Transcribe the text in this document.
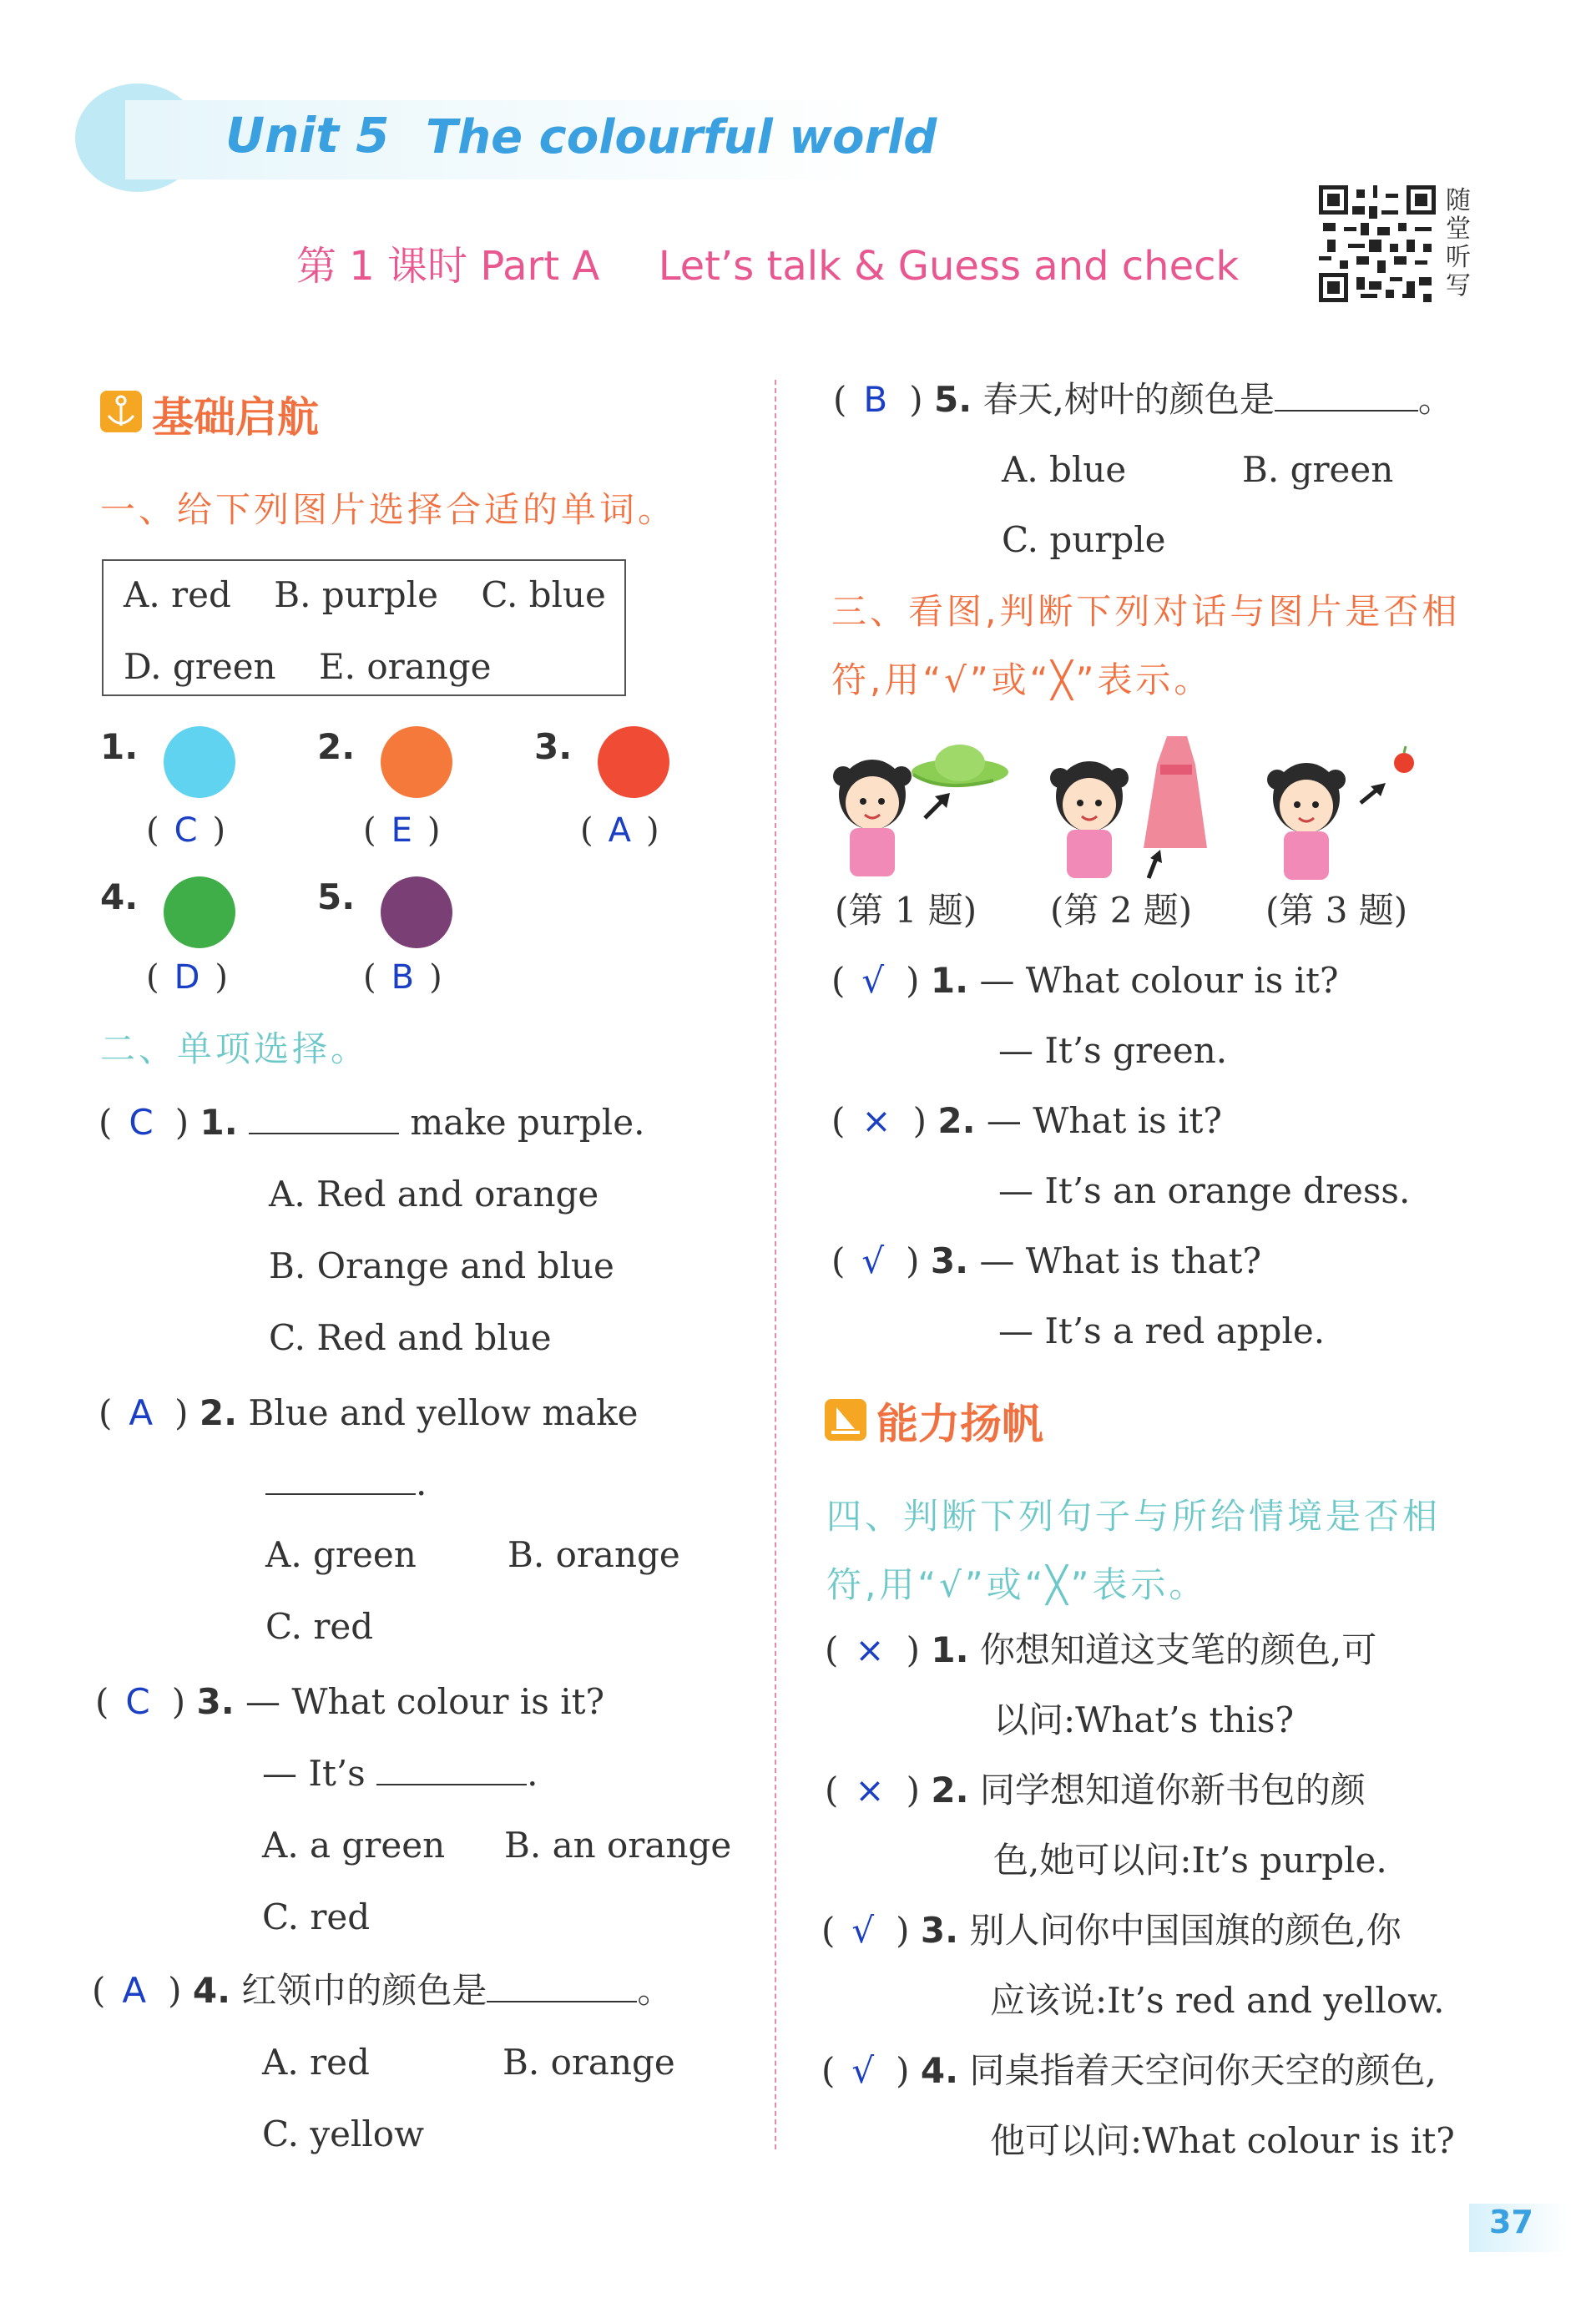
Unit 5 The colourful world
第 1 课时 Part A Let’s talk & Guess and check
随
堂
听
写
基础启航
一、给下列图片选择合适的单词。
A. red B. purple C. blue
D. green E. orange
1.
( C )
2.
( E )
3.
( A )
4.
( D )
5.
( B )
二、单项选择。
( C ) 1.	make purple.
A. Red and orange
B. Orange and blue
C. Red and blue
( A ) 2. Blue and yellow make
.
A. green	B. orange
C. red
( C ) 3. — What colour is it?
— It’s	.
A. a green B. an orange
C. red
( A ) 4. 红领巾的颜色是	。
A. red	B. orange
C. yellow
( B ) 5. 春天,树叶的颜色是	。
A. blue	B. green
C. purple
三、看图,判断下列对话与图片是否相
符,用“√”或“╳”表示。
(第 1 题) (第 2 题) (第 3 题)
( √ ) 1. — What colour is it?
— It’s green.
( × ) 2. — What is it?
— It’s an orange dress.
( √ ) 3. — What is that?
— It’s a red apple.
能力扬帆
四、判断下列句子与所给情境是否相
符,用“√”或“╳”表示。
( × ) 1. 你想知道这支笔的颜色,可
以问:What’s this?
( × ) 2. 同学想知道你新书包的颜
色,她可以问:It’s purple.
( √ ) 3. 别人问你中国国旗的颜色,你
应该说:It’s red and yellow.
( √ ) 4. 同桌指着天空问你天空的颜色,
他可以问:What colour is it?
37
